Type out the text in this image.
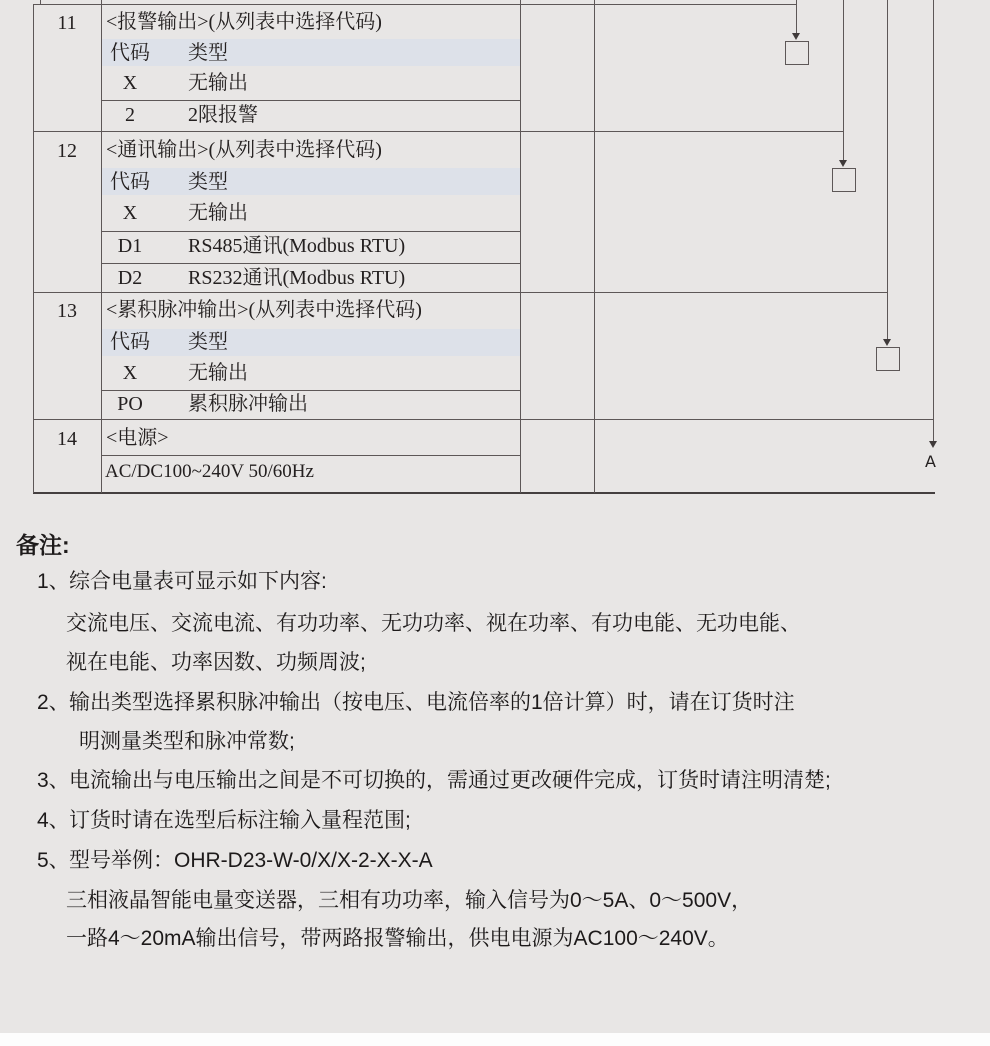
A
11	<报警输出>(从列表中选择代码)
代码 类型
X	无输出
2	2限报警
12	<通讯输出>(从列表中选择代码)
代码 类型
X	无输出
D1	RS485通讯(Modbus RTU)
D2	RS232通讯(Modbus RTU)
13	<累积脉冲输出>(从列表中选择代码)
代码 类型
X	无输出
PO	累积脉冲输出
14	<电源>
AC/DC100~240V 50/60Hz
备注:
1、综合电量表可显示如下内容:
交流电压、交流电流、有功功率、无功功率、视在功率、有功电能、无功电能、
视在电能、功率因数、功频周波;
2、输出类型选择累积脉冲输出（按电压、电流倍率的1倍计算）时，请在订货时注
明测量类型和脉冲常数;
3、电流输出与电压输出之间是不可切换的，需通过更改硬件完成，订货时请注明清楚;
4、订货时请在选型后标注输入量程范围;
5、型号举例：OHR-D23-W-0/X/X-2-X-X-A
三相液晶智能电量变送器，三相有功功率，输入信号为0～5A、0～500V，
一路4～20mA输出信号，带两路报警输出，供电电源为AC100～240V。
